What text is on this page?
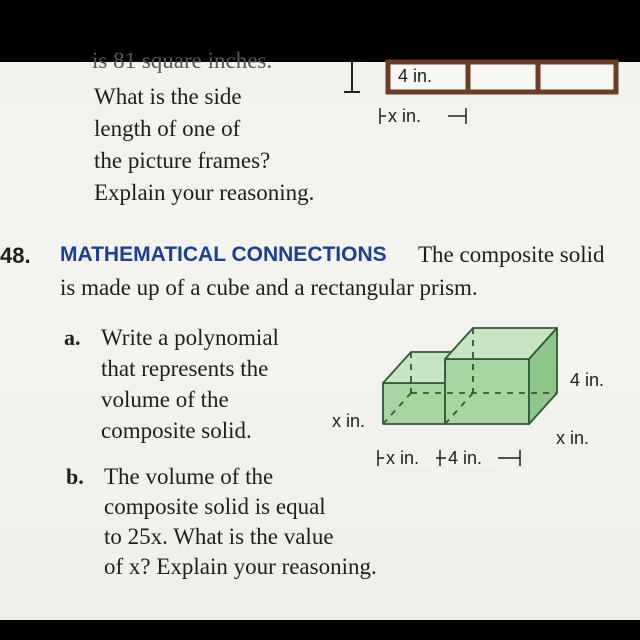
is 81 square inches.
What is the side
length of one of
the picture frames?
Explain your reasoning.
48. MATHEMATICAL CONNECTIONS The composite solid
is made up of a cube and a rectangular prism.
a. Write a polynomial
that represents the
volume of the
composite solid.
b. The volume of the
composite solid is equal
to 25x. What is the value
of x? Explain your reasoning.
4 in.
x in.
x in. 4 in.
x in.
4 in.
x in.
